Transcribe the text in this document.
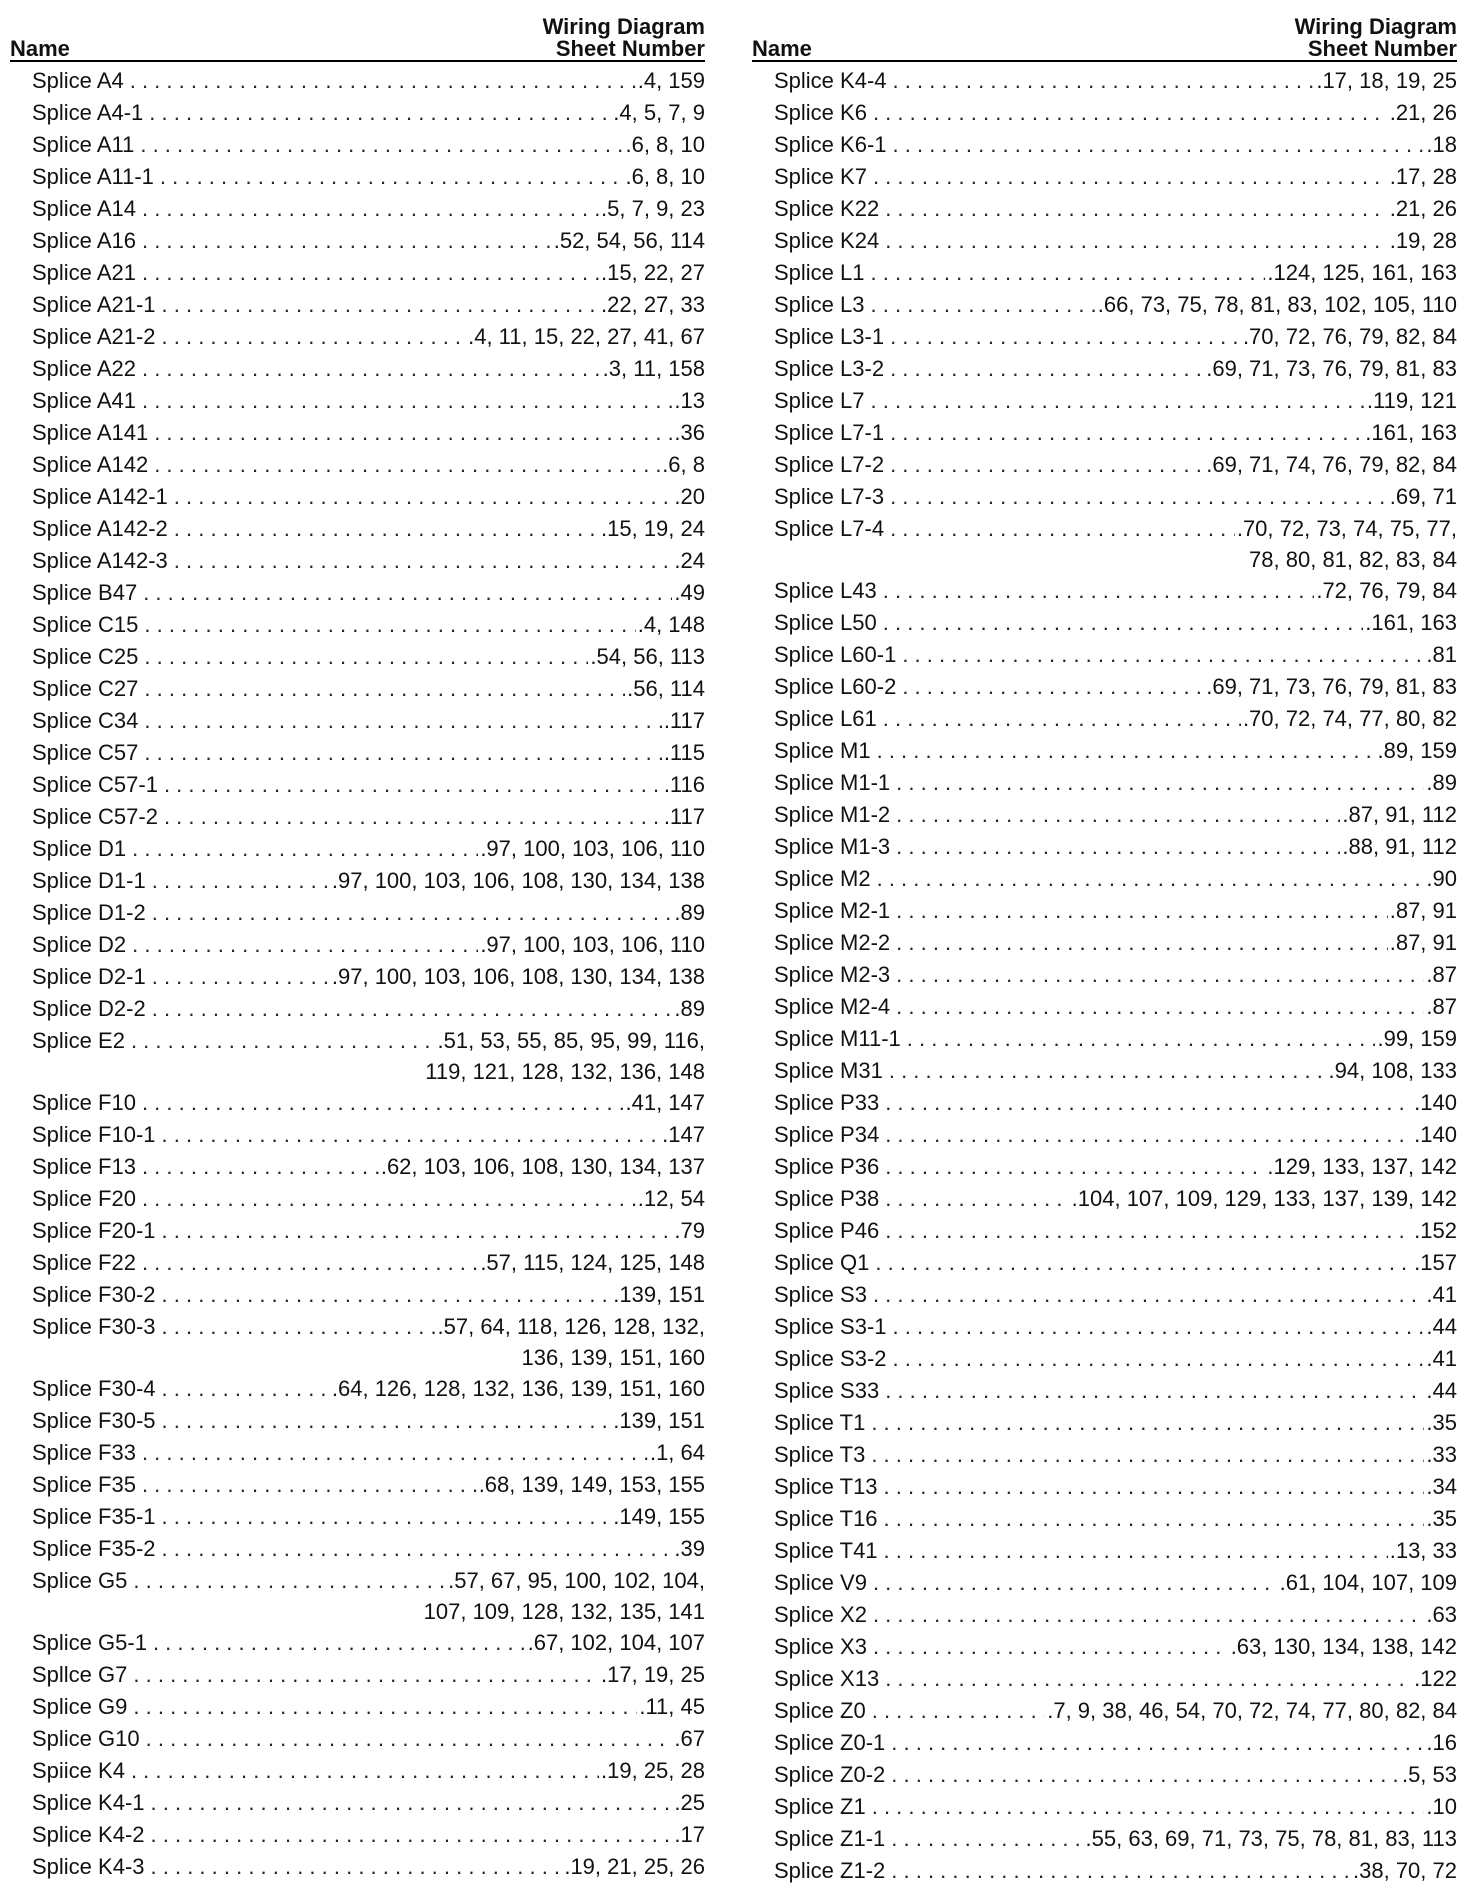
Name
Wiring Diagram
Sheet Number
Splice A4 . . .	.4, 159
Splice A4-1 . . .	.4, 5, 7, 9
Splice A11 . . .	.6, 8, 10
Splice A11-1 . . .	.6, 8, 10
Splice A14 . . .	.5, 7, 9, 23
Splice A16 . . .	.52, 54, 56, 114
Splice A21 . . .	.15, 22, 27
Splice A21-1 . . .	.22, 27, 33
Splice A21-2 . . .	.4, 11, 15, 22, 27, 41, 67
Splice A22 . . .	.3, 11, 158
Splice A41 . . .	.13
Splice A141 . . .	.36
Splice A142 . . .	.6, 8
Splice A142-1 . . .	.20
Splice A142-2 . . .	.15, 19, 24
Splice A142-3 . . .	.24
Splice B47 . . .	.49
Splice C15 . . .	.4, 148
Splice C25 . . .	.54, 56, 113
Splice C27 . . .	.56, 114
Splice C34 . . .	.117
Splice C57 . . .	.115
Splice C57-1 . . .	.116
Splice C57-2 . . .	.117
Splice D1 . . .	.97, 100, 103, 106, 110
Splice D1-1 . . .	.97, 100, 103, 106, 108, 130, 134, 138
Splice D1-2 . . .	.89
Splice D2 . . .	.97, 100, 103, 106, 110
Splice D2-1 . . .	.97, 100, 103, 106, 108, 130, 134, 138
Splice D2-2 . . .	.89
Splice E2 . . .	.51, 53, 55, 85, 95, 99, 116,
119, 121, 128, 132, 136, 148
Splice F10 . . .	.41, 147
Splice F10-1 . . .	.147
Splice F13 . . .	.62, 103, 106, 108, 130, 134, 137
Splice F20 . . .	.12, 54
Splice F20-1 . . .	.79
Splice F22 . . .	.57, 115, 124, 125, 148
Splice F30-2 . . .	.139, 151
Splice F30-3 . . .	.57, 64, 118, 126, 128, 132,
136, 139, 151, 160
Splice F30-4 . . .	.64, 126, 128, 132, 136, 139, 151, 160
Splice F30-5 . . .	.139, 151
Splice F33 . . .	.1, 64
Splice F35 . . .	.68, 139, 149, 153, 155
Splice F35-1 . . .	.149, 155
Splice F35-2 . . .	.39
Splice G5 . . .	.57, 67, 95, 100, 102, 104,
107, 109, 128, 132, 135, 141
Splice G5-1 . . .	.67, 102, 104, 107
Spllce G7 . . .	.17, 19, 25
Splice G9 . . .	.11, 45
Splice G10 . . .	.67
Spiice K4 . . .	.19, 25, 28
Splice K4-1 . . .	.25
Splice K4-2 . . .	.17
Splice K4-3 . . .	.19, 21, 25, 26
Name
Wiring Diagram
Sheet Number
Splice K4-4 . . .	.17, 18, 19, 25
Splice K6 . . .	.21, 26
Splice K6-1 . . .	.18
Splice K7 . . .	.17, 28
Splice K22 . . .	.21, 26
Splice K24 . . .	.19, 28
Splice L1 . . .	.124, 125, 161, 163
Splice L3 . . .	.66, 73, 75, 78, 81, 83, 102, 105, 110
Splice L3-1 . . .	.70, 72, 76, 79, 82, 84
Splice L3-2 . . .	.69, 71, 73, 76, 79, 81, 83
Splice L7 . . .	.119, 121
Splice L7-1 . . .	.161, 163
Splice L7-2 . . .	.69, 71, 74, 76, 79, 82, 84
Splice L7-3 . . .	.69, 71
Splice L7-4 . . .	.70, 72, 73, 74, 75, 77,
78, 80, 81, 82, 83, 84
Splice L43 . . .	.72, 76, 79, 84
Splice L50 . . .	.161, 163
Splice L60-1 . . .	.81
Splice L60-2 . . .	.69, 71, 73, 76, 79, 81, 83
Splice L61 . . .	.70, 72, 74, 77, 80, 82
Splice M1 . . .	.89, 159
Splice M1-1 . . .	.89
Splice M1-2 . . .	.87, 91, 112
Splice M1-3 . . .	.88, 91, 112
Splice M2 . . .	.90
Splice M2-1 . . .	.87, 91
Splice M2-2 . . .	.87, 91
Splice M2-3 . . .	.87
Splice M2-4 . . .	.87
Splice M11-1 . . .	.99, 159
Splice M31 . . .	.94, 108, 133
Splice P33 . . .	.140
Splice P34 . . .	.140
Splice P36 . . .	.129, 133, 137, 142
Splice P38 . . .	.104, 107, 109, 129, 133, 137, 139, 142
Splice P46 . . .	.152
Splice Q1 . . .	.157
Splice S3 . . .	.41
Splice S3-1 . . .	.44
Splice S3-2 . . .	.41
Splice S33 . . .	.44
Splice T1 . . .	.35
Splice T3 . . .	.33
Splice T13 . . .	.34
Splice T16 . . .	.35
Splice T41 . . .	.13, 33
Splice V9 . . .	.61, 104, 107, 109
Splice X2 . . .	.63
Splice X3 . . .	.63, 130, 134, 138, 142
Splice X13 . . .	.122
Splice Z0 . . .	.7, 9, 38, 46, 54, 70, 72, 74, 77, 80, 82, 84
Splice Z0-1 . . .	.16
Splice Z0-2 . . .	.5, 53
Splice Z1 . . .	.10
Splice Z1-1 . . .	.55, 63, 69, 71, 73, 75, 78, 81, 83, 113
Splice Z1-2 . . .	.38, 70, 72
